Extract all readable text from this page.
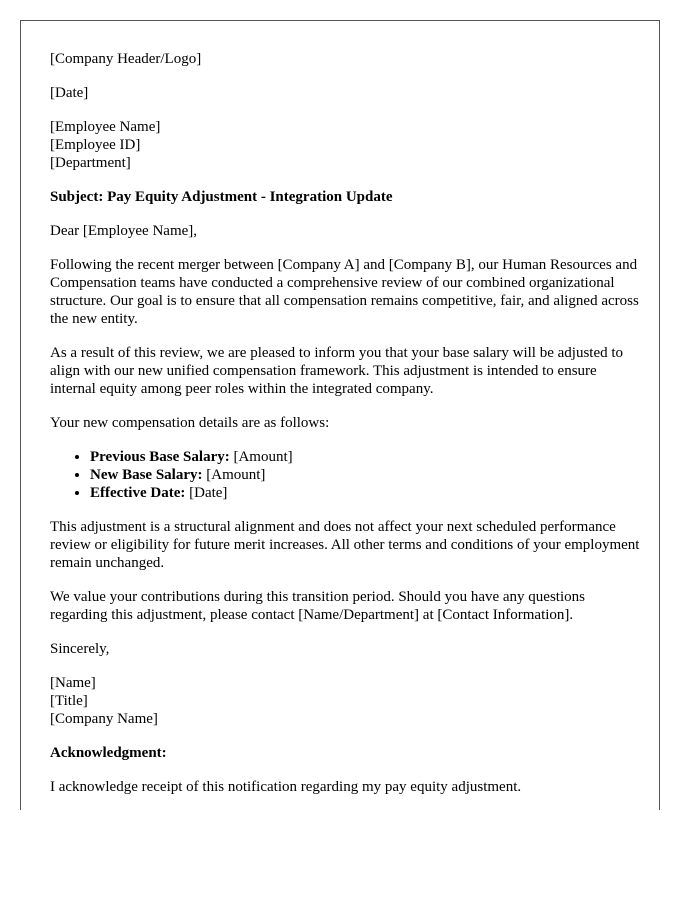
[Company Header/Logo]

[Date]

[Employee Name]
[Employee ID]
[Department]

Subject: Pay Equity Adjustment - Integration Update

Dear [Employee Name],

Following the recent merger between [Company A] and [Company B], our Human Resources and Compensation teams have conducted a comprehensive review of our combined organizational structure. Our goal is to ensure that all compensation remains competitive, fair, and aligned across the new entity.

As a result of this review, we are pleased to inform you that your base salary will be adjusted to align with our new unified compensation framework. This adjustment is intended to ensure internal equity among peer roles within the integrated company.

Your new compensation details are as follows:

• Previous Base Salary: [Amount]
• New Base Salary: [Amount]
• Effective Date: [Date]

This adjustment is a structural alignment and does not affect your next scheduled performance review or eligibility for future merit increases. All other terms and conditions of your employment remain unchanged.

We value your contributions during this transition period. Should you have any questions regarding this adjustment, please contact [Name/Department] at [Contact Information].

Sincerely,

[Name]
[Title]
[Company Name]

Acknowledgment:

I acknowledge receipt of this notification regarding my pay equity adjustment.
